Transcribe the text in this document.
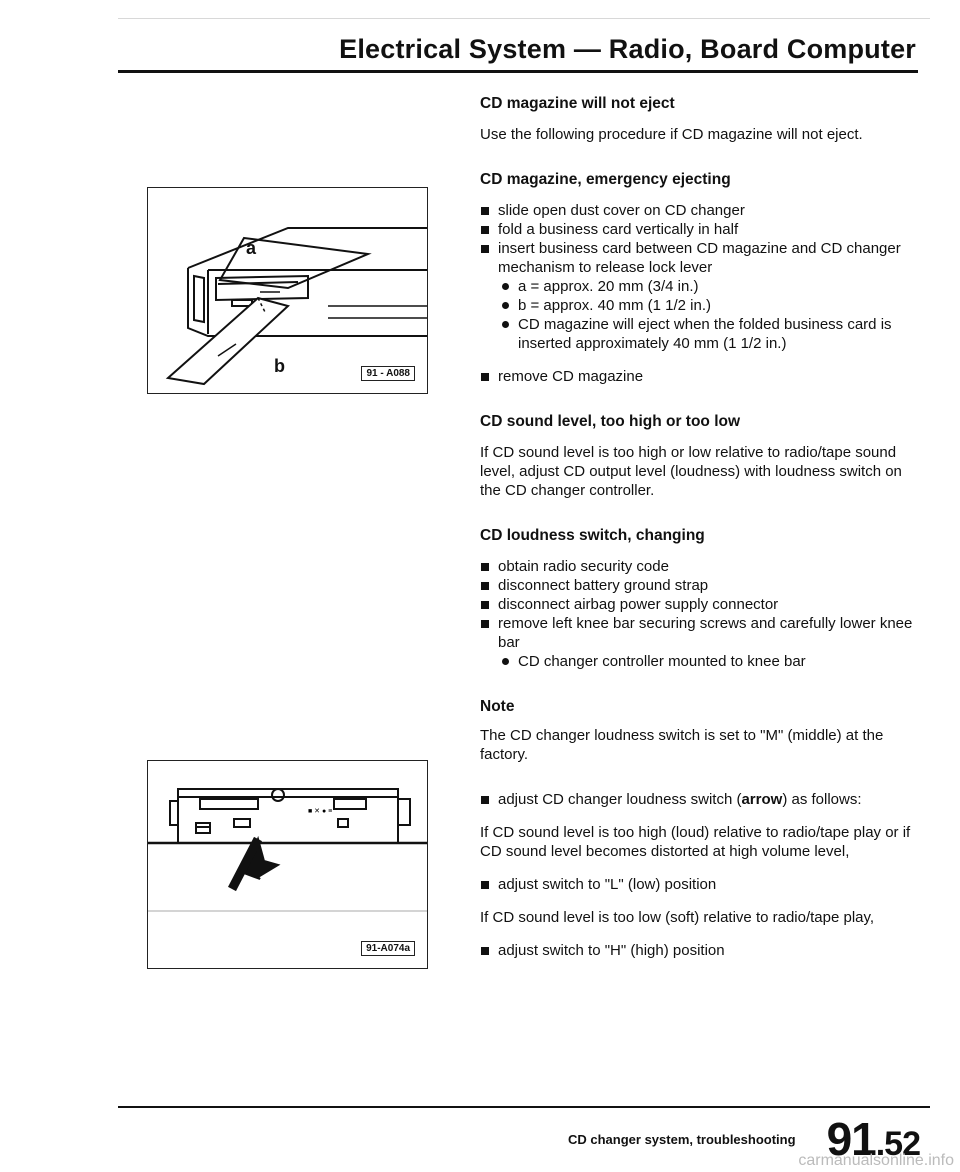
Electrical System — Radio, Board Computer
a
b	91 - A088
■ ✕ ● ≡
91-A074a
CD magazine will not eject

Use the following procedure if CD magazine will not eject.

CD magazine, emergency ejecting
slide open dust cover on CD changer
fold a business card vertically in half
insert business card between CD magazine and CD changer mechanism to release lock lever
a = approx. 20 mm (3/4 in.)
b = approx. 40 mm (1 1/2 in.)
CD magazine will eject when the folded business card is inserted approximately 40 mm (1 1/2 in.)
remove CD magazine
CD sound level, too high or too low

If CD sound level is too high or low relative to radio/tape sound level, adjust CD output level (loudness) with loudness switch on the CD changer controller.

CD loudness switch, changing
obtain radio security code
disconnect battery ground strap
disconnect airbag power supply connector
remove left knee bar securing screws and carefully lower knee bar
CD changer controller mounted to knee bar
Note

The CD changer loudness switch is set to "M" (middle) at the factory.

adjust CD changer loudness switch (arrow) as follows:

If CD sound level is too high (loud) relative to radio/tape play or if CD sound level becomes distorted at high volume level,

adjust switch to "L" (low) position

If CD sound level is too low (soft) relative to radio/tape play,

adjust switch to "H" (high) position
CD changer system, troubleshooting 91.52
carmanualsonline.info
